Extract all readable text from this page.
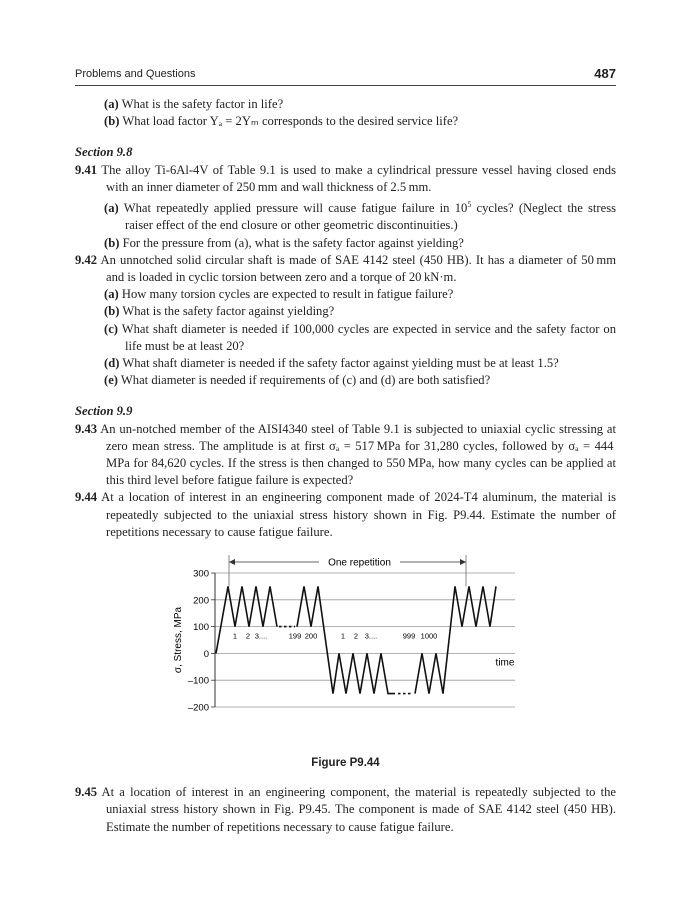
Problems and Questions	487

(a) What is the safety factor in life?

(b) What load factor Yₐ = 2Yₘ corresponds to the desired service life?

Section 9.8

9.41 The alloy Ti-6Al-4V of Table 9.1 is used to make a cylindrical pressure vessel having closed ends with an inner diameter of 250 mm and wall thickness of 2.5 mm.

(a) What repeatedly applied pressure will cause fatigue failure in $10^5$ cycles? (Neglect the stress raiser effect of the end closure or other geometric discontinuities.)

(b) For the pressure from (a), what is the safety factor against yielding?

9.42 An unnotched solid circular shaft is made of SAE 4142 steel (450 HB). It has a diameter of 50 mm and is loaded in cyclic torsion between zero and a torque of 20 kN·m.

(a) How many torsion cycles are expected to result in fatigue failure?

(b) What is the safety factor against yielding?

(c) What shaft diameter is needed if 100,000 cycles are expected in service and the safety factor on life must be at least 20?

(d) What shaft diameter is needed if the safety factor against yielding must be at least 1.5?

(e) What diameter is needed if requirements of (c) and (d) are both satisfied?

Section 9.9

9.43 An un-notched member of the AISI4340 steel of Table 9.1 is subjected to uniaxial cyclic stressing at zero mean stress. The amplitude is at first σₐ = 517 MPa for 31,280 cycles, followed by σₐ = 444 MPa for 84,620 cycles. If the stress is then changed to 550 MPa, how many cycles can be applied at this third level before fatigue failure is expected?

9.44 At a location of interest in an engineering component made of 2024-T4 aluminum, the material is repeatedly subjected to the uniaxial stress history shown in Fig. P9.44. Estimate the number of repetitions necessary to cause fatigue failure.

300
200
100
0
–100
–200
σ, Stress, MPa	time
One repetition
1 2 3....	199 200	1 2 3....	999 1000
Figure P9.44

9.45 At a location of interest in an engineering component, the material is repeatedly subjected to the uniaxial stress history shown in Fig. P9.45. The component is made of SAE 4142 steel (450 HB). Estimate the number of repetitions necessary to cause fatigue failure.
